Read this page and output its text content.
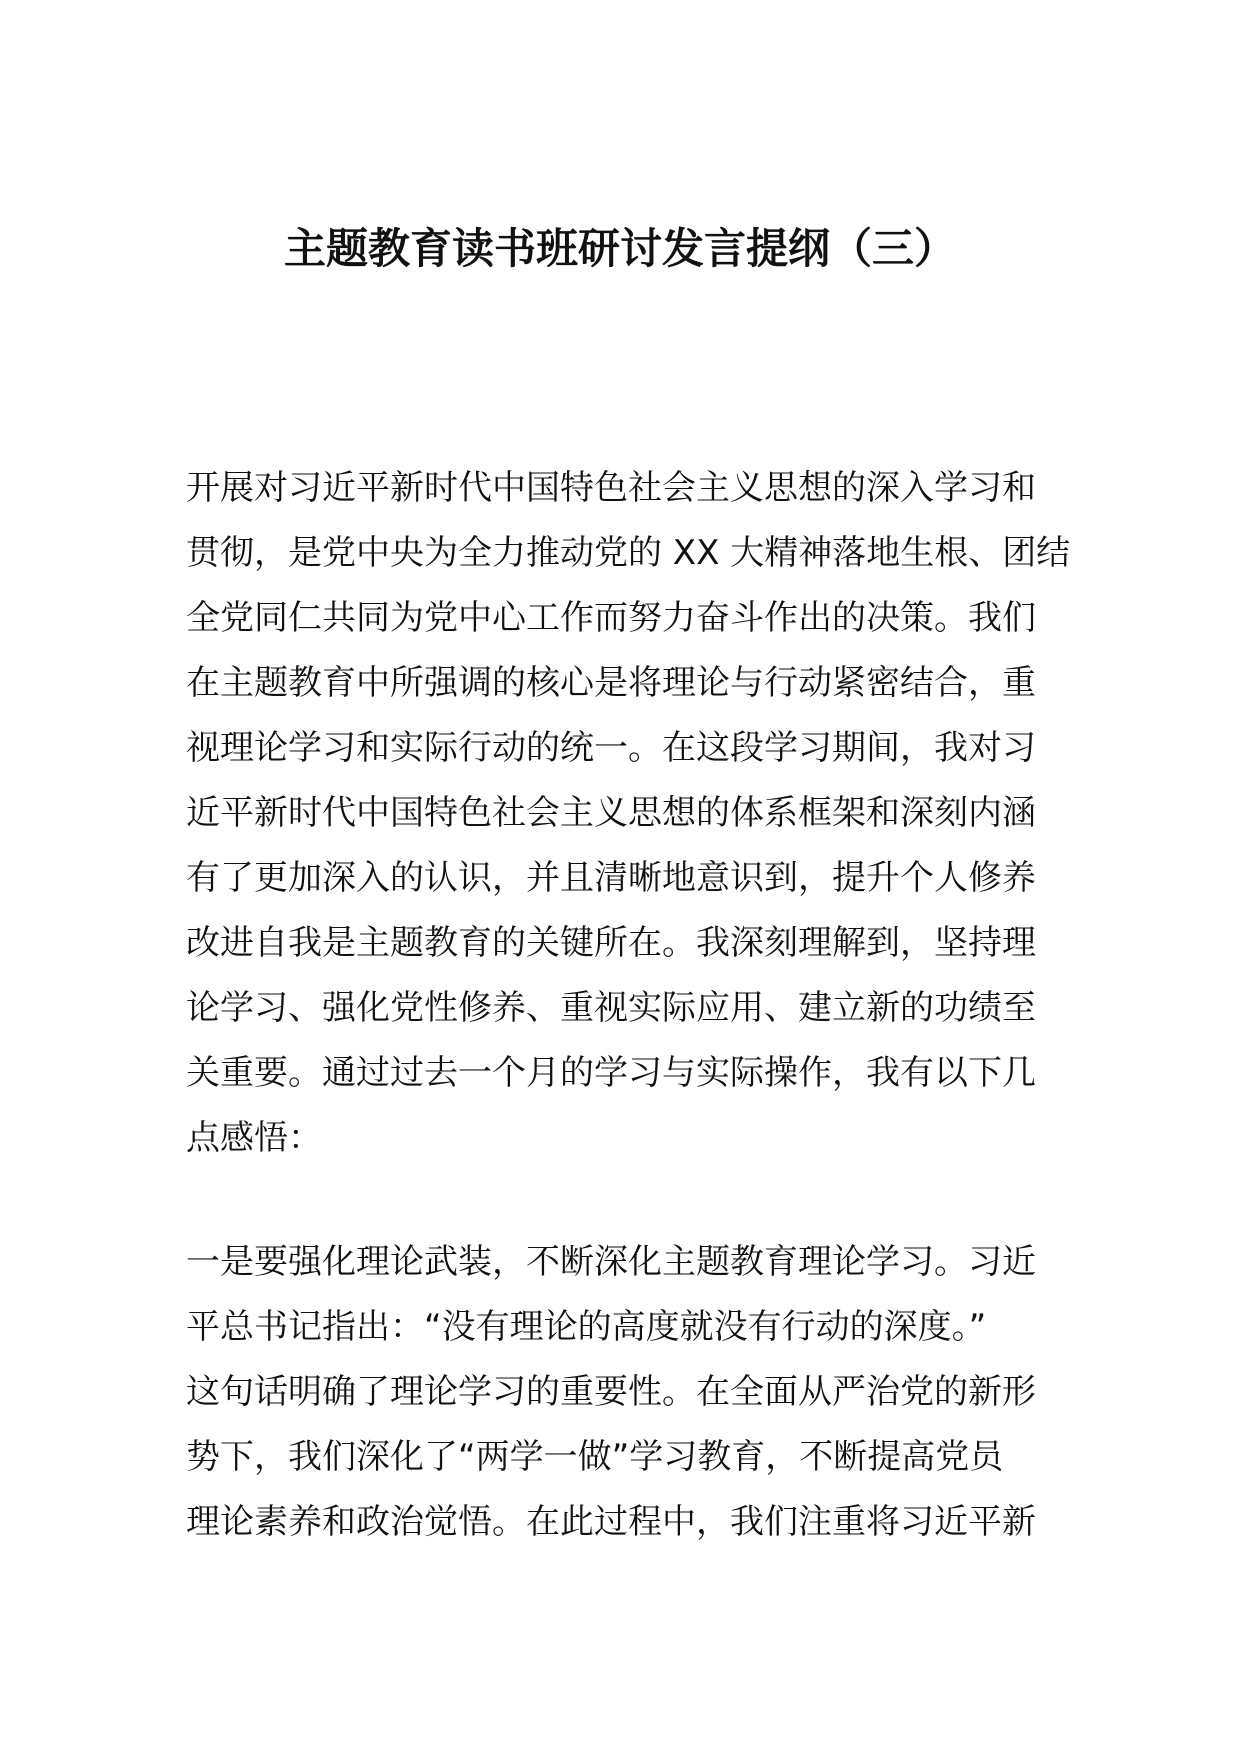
主题教育读书班研讨发言提纲（三）
开展对习近平新时代中国特色社会主义思想的深入学习和
贯彻，是党中央为全力推动党的 XX 大精神落地生根、团结
全党同仁共同为党中心工作而努力奋斗作出的决策。我们
在主题教育中所强调的核心是将理论与行动紧密结合，重
视理论学习和实际行动的统一。在这段学习期间，我对习
近平新时代中国特色社会主义思想的体系框架和深刻内涵
有了更加深入的认识，并且清晰地意识到，提升个人修养
改进自我是主题教育的关键所在。我深刻理解到，坚持理
论学习、强化党性修养、重视实际应用、建立新的功绩至
关重要。通过过去一个月的学习与实际操作，我有以下几
点感悟：
一是要强化理论武装，不断深化主题教育理论学习。习近
平总书记指出：“没有理论的高度就没有行动的深度。”
这句话明确了理论学习的重要性。在全面从严治党的新形
势下，我们深化了“两学一做”学习教育，不断提高党员
理论素养和政治觉悟。在此过程中，我们注重将习近平新
